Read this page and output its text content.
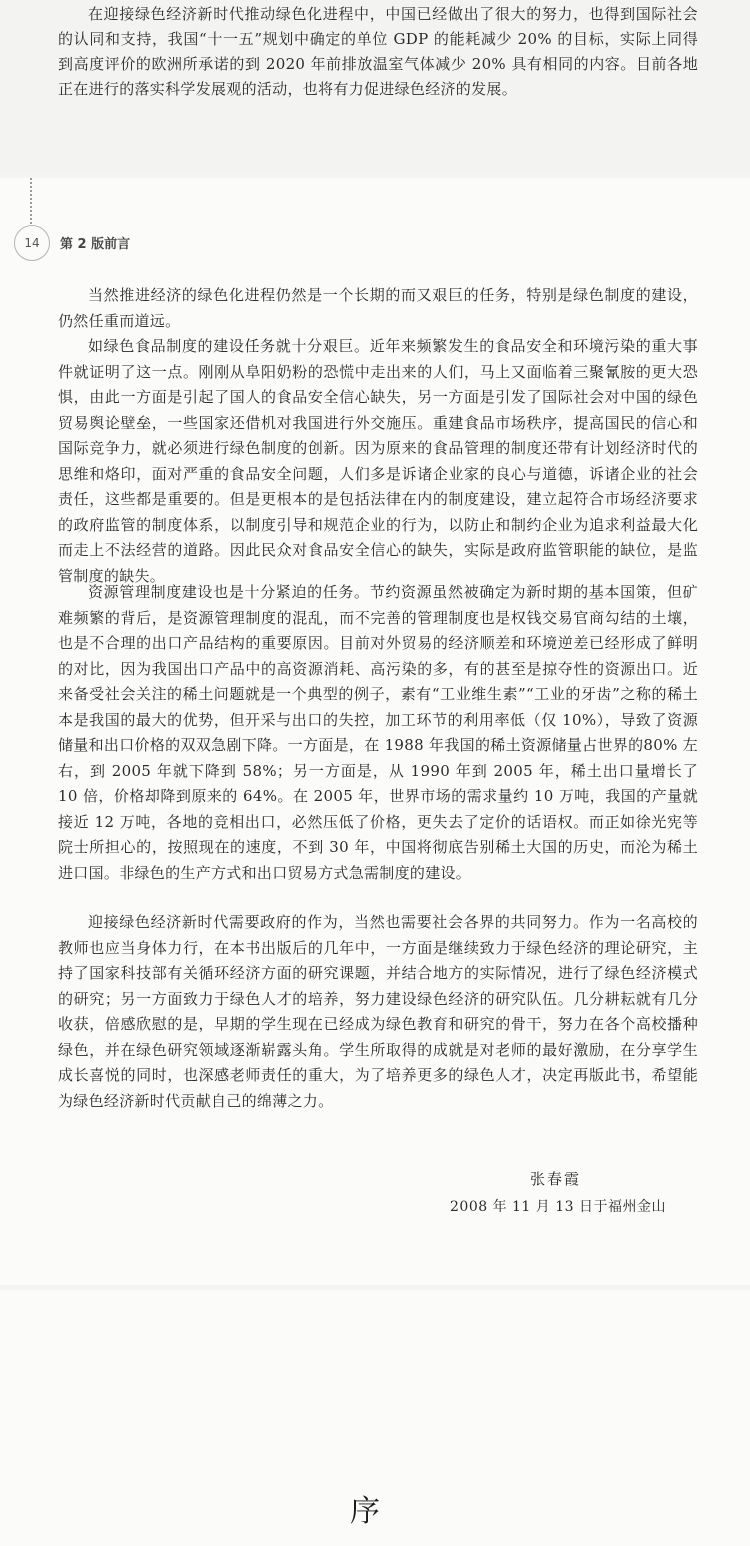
在迎接绿色经济新时代推动绿色化进程中，中国已经做出了很大的努力，也得到国际社会的认同和支持，我国“十一五”规划中确定的单位 GDP 的能耗减少 20% 的目标，实际上同得到高度评价的欧洲所承诺的到 2020 年前排放温室气体减少 20% 具有相同的内容。目前各地正在进行的落实科学发展观的活动，也将有力促进绿色经济的发展。

14	第 2 版前言

当然推进经济的绿色化进程仍然是一个长期的而又艰巨的任务，特别是绿色制度的建设，仍然任重而道远。

如绿色食品制度的建设任务就十分艰巨。近年来频繁发生的食品安全和环境污染的重大事件就证明了这一点。刚刚从阜阳奶粉的恐慌中走出来的人们，马上又面临着三聚氰胺的更大恐惧，由此一方面是引起了国人的食品安全信心缺失，另一方面是引发了国际社会对中国的绿色贸易舆论壁垒，一些国家还借机对我国进行外交施压。重建食品市场秩序，提高国民的信心和国际竞争力，就必须进行绿色制度的创新。因为原来的食品管理的制度还带有计划经济时代的思维和烙印，面对严重的食品安全问题，人们多是诉诸企业家的良心与道德，诉诸企业的社会责任，这些都是重要的。但是更根本的是包括法律在内的制度建设，建立起符合市场经济要求的政府监管的制度体系，以制度引导和规范企业的行为，以防止和制约企业为追求利益最大化而走上不法经营的道路。因此民众对食品安全信心的缺失，实际是政府监管职能的缺位，是监管制度的缺失。

资源管理制度建设也是十分紧迫的任务。节约资源虽然被确定为新时期的基本国策，但矿难频繁的背后，是资源管理制度的混乱，而不完善的管理制度也是权钱交易官商勾结的土壤，也是不合理的出口产品结构的重要原因。目前对外贸易的经济顺差和环境逆差已经形成了鲜明的对比，因为我国出口产品中的高资源消耗、高污染的多，有的甚至是掠夺性的资源出口。近来备受社会关注的稀土问题就是一个典型的例子，素有“工业维生素”“工业的牙齿”之称的稀土本是我国的最大的优势，但开采与出口的失控，加工环节的利用率低（仅 10%），导致了资源储量和出口价格的双双急剧下降。一方面是，在 1988 年我国的稀土资源储量占世界的80% 左右，到 2005 年就下降到 58%；另一方面是，从 1990 年到 2005 年，稀土出口量增长了 10 倍，价格却降到原来的 64%。在 2005 年，世界市场的需求量约 10 万吨，我国的产量就接近 12 万吨，各地的竞相出口，必然压低了价格，更失去了定价的话语权。而正如徐光宪等院士所担心的，按照现在的速度，不到 30 年，中国将彻底告别稀土大国的历史，而沦为稀土进口国。非绿色的生产方式和出口贸易方式急需制度的建设。

迎接绿色经济新时代需要政府的作为，当然也需要社会各界的共同努力。作为一名高校的教师也应当身体力行，在本书出版后的几年中，一方面是继续致力于绿色经济的理论研究，主持了国家科技部有关循环经济方面的研究课题，并结合地方的实际情况，进行了绿色经济模式的研究；另一方面致力于绿色人才的培养，努力建设绿色经济的研究队伍。几分耕耘就有几分收获，倍感欣慰的是，早期的学生现在已经成为绿色教育和研究的骨干，努力在各个高校播种绿色，并在绿色研究领域逐渐崭露头角。学生所取得的成就是对老师的最好激励，在分享学生成长喜悦的同时，也深感老师责任的重大，为了培养更多的绿色人才，决定再版此书，希望能为绿色经济新时代贡献自己的绵薄之力。

张春霞
2008 年 11 月 13 日于福州金山
序
